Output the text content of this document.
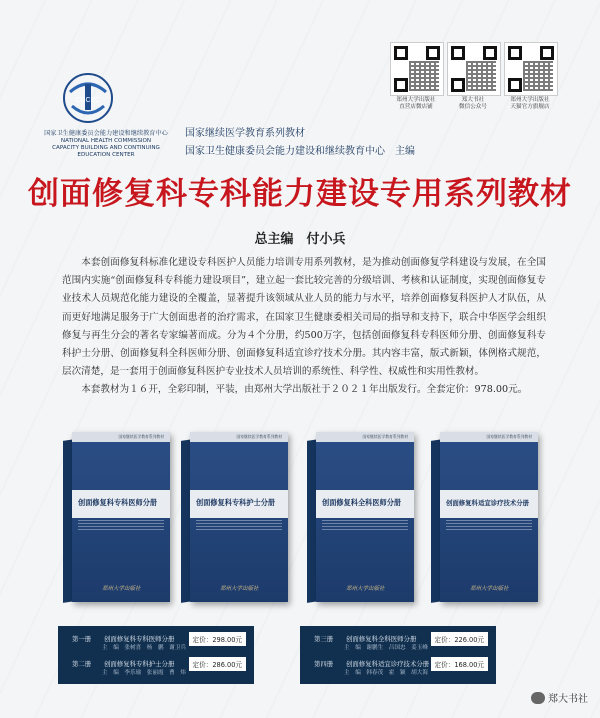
CBCEC
国家卫生健康委员会能力建设和继续教育中心
NATIONAL HEALTH COMMISSION
CAPACITY BUILDING AND CONTINUING EDUCATION CENTER
国家继续医学教育系列教材
国家卫生健康委员会能力建设和继续教育中心　主编
郑州大学出版社
直营店微店铺
郑大书社
微信公众号
郑州大学出版社
天猫官方旗舰店
创面修复科专科能力建设专用系列教材
总主编　付小兵

本套创面修复科标准化建设专科医护人员能力培训专用系列教材，是为推动创面修复学科建设与发展，在全国范围内实施“创面修复科专科能力建设项目”，建立起一套比较完善的分级培训、考核和认证制度，实现创面修复专业技术人员规范化能力建设的全覆盖，显著提升该领域从业人员的能力与水平，培养创面修复科医护人才队伍，从而更好地满足服务于广大创面患者的治疗需求，在国家卫生健康委相关司局的指导和支持下，联合中华医学会组织修复与再生分会的著名专家编著而成。分为４个分册，约500万字，包括创面修复科专科医师分册、创面修复科专科护士分册、创面修复科全科医师分册、创面修复科适宜诊疗技术分册。其内容丰富，版式新颖，体例格式规范，层次清楚，是一套用于创面修复科医护专业技术人员培训的系统性、科学性、权威性和实用性教材。

本套教材为１６开，全彩印制，平装，由郑州大学出版社于２０２１年出版发行。全套定价：978.00元。

国家继续医学教育系列教材
创面修复科专科医师分册
郑州大学出版社
国家继续医学教育系列教材
创面修复科专科护士分册
郑州大学出版社
国家继续医学教育系列教材
创面修复科全科医师分册
郑州大学出版社
国家继续医学教育系列教材
创面修复科适宜诊疗技术分册
郑州大学出版社
第一册 创面修复科专科医师分册
主　编　张树喜　杨　鹏　谢卫兵
定价：298.00元
第二册 创面修复科专科护士分册
主　编　李乐瑜　张丽霞　曹　炜
定价：286.00元
第三册 创面修复科全科医师分册
主　编　谢鹏生　吕国忠　姜玉峰
定价：226.00元
第四册 创面修复科适宜诊疗技术分册
主　编　韩春茂　霍　颖　胡大海
定价：168.00元
郑大书社
